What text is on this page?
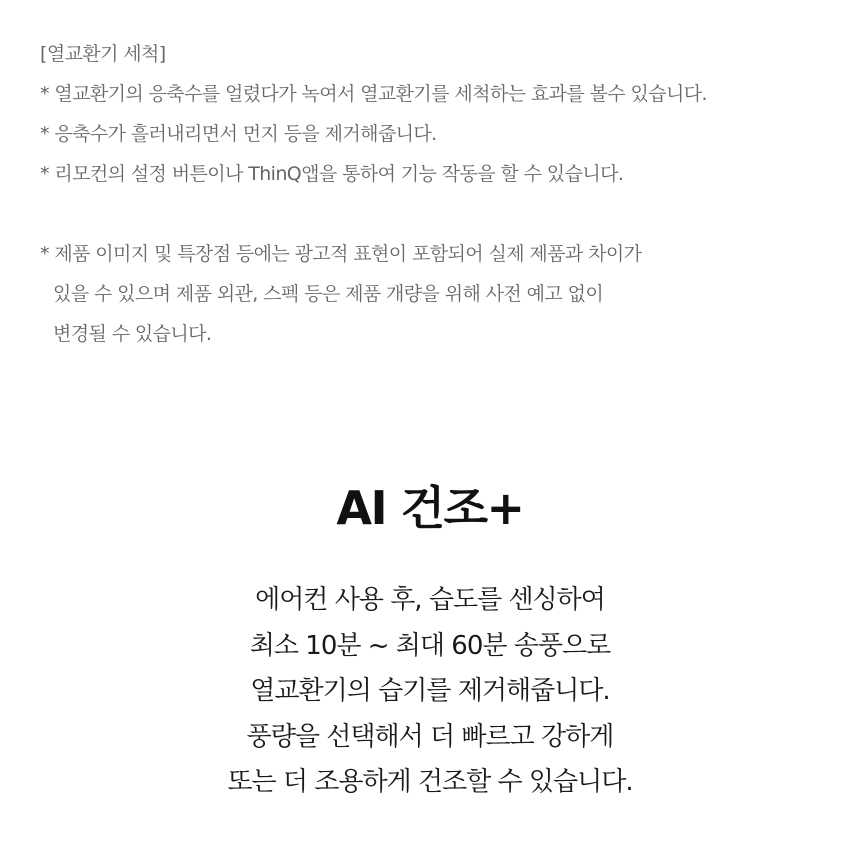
[열교환기 세척]
* 열교환기의 응축수를 얼렸다가 녹여서 열교환기를 세척하는 효과를 볼수 있습니다.
* 응축수가 흘러내리면서 먼지 등을 제거해줍니다.
* 리모컨의 설정 버튼이나 ThinQ앱을 통하여 기능 작동을 할 수 있습니다.
* 제품 이미지 및 특장점 등에는 광고적 표현이 포함되어 실제 제품과 차이가
있을 수 있으며 제품 외관, 스펙 등은 제품 개량을 위해 사전 예고 없이
변경될 수 있습니다.
AI 건조+
에어컨 사용 후, 습도를 센싱하여
최소 10분 ~ 최대 60분 송풍으로
열교환기의 습기를 제거해줍니다.
풍량을 선택해서 더 빠르고 강하게
또는 더 조용하게 건조할 수 있습니다.
